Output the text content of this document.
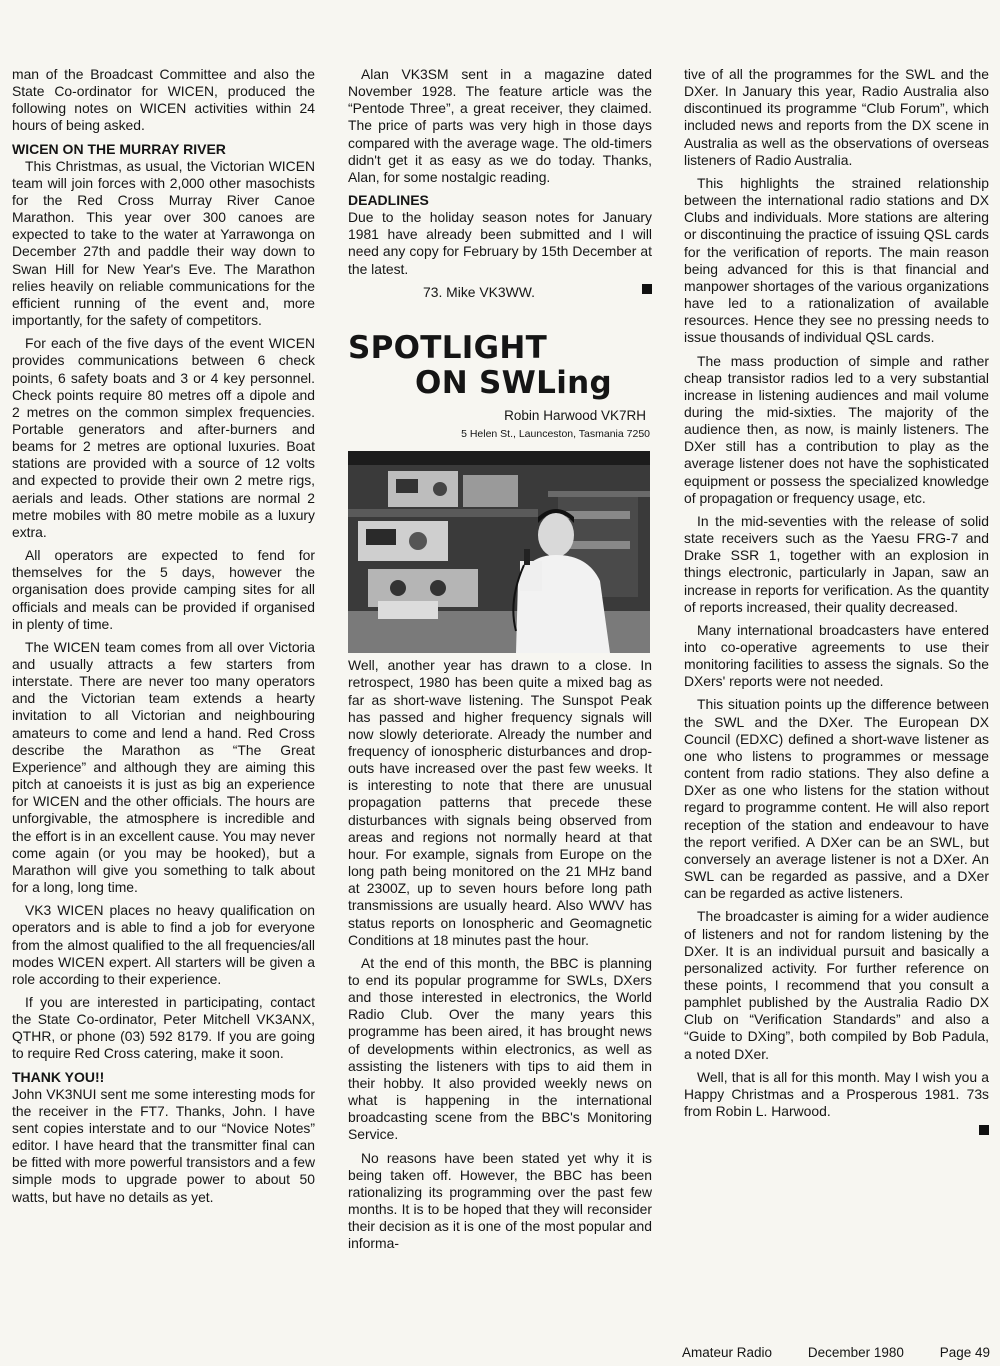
man of the Broadcast Committee and also the State Co-ordinator for WICEN, produced the following notes on WICEN activities within 24 hours of being asked.

WICEN ON THE MURRAY RIVER

This Christmas, as usual, the Victorian WICEN team will join forces with 2,000 other masochists for the Red Cross Murray River Canoe Marathon. This year over 300 canoes are expected to take to the water at Yarrawonga on December 27th and paddle their way down to Swan Hill for New Year's Eve. The Marathon relies heavily on reliable communications for the efficient running of the event and, more importantly, for the safety of competitors.

For each of the five days of the event WICEN provides communications between 6 check points, 6 safety boats and 3 or 4 key personnel. Check points require 80 metres off a dipole and 2 metres on the common simplex frequencies. Portable generators and after-burners and beams for 2 metres are optional luxuries. Boat stations are provided with a source of 12 volts and expected to provide their own 2 metre rigs, aerials and leads. Other stations are normal 2 metre mobiles with 80 metre mobile as a luxury extra.

All operators are expected to fend for themselves for the 5 days, however the organisation does provide camping sites for all officials and meals can be provided if organised in plenty of time.

The WICEN team comes from all over Victoria and usually attracts a few starters from interstate. There are never too many operators and the Victorian team extends a hearty invitation to all Victorian and neighbouring amateurs to come and lend a hand. Red Cross describe the Marathon as “The Great Experience” and although they are aiming this pitch at canoeists it is just as big an experience for WICEN and the other officials. The hours are unforgivable, the atmosphere is incredible and the effort is in an excellent cause. You may never come again (or you may be hooked), but a Marathon will give you something to talk about for a long, long time.

VK3 WICEN places no heavy qualification on operators and is able to find a job for everyone from the almost qualified to the all frequencies/all modes WICEN expert. All starters will be given a role according to their experience.

If you are interested in participating, contact the State Co-ordinator, Peter Mitchell VK3ANX, QTHR, or phone (03) 592 8179. If you are going to require Red Cross catering, make it soon.

THANK YOU!!

John VK3NUI sent me some interesting mods for the receiver in the FT7. Thanks, John. I have sent copies interstate and to our “Novice Notes” editor. I have heard that the transmitter final can be fitted with more powerful transistors and a few simple mods to upgrade power to about 50 watts, but have no details as yet.

Alan VK3SM sent in a magazine dated November 1928. The feature article was the “Pentode Three”, a great receiver, they claimed. The price of parts was very high in those days compared with the average wage. The old-timers didn't get it as easy as we do today. Thanks, Alan, for some nostalgic reading.

DEADLINES

Due to the holiday season notes for January 1981 have already been submitted and I will need any copy for February by 15th December at the latest.

73. Mike VK3WW.
SPOTLIGHT
ON SWLing
Robin Harwood VK7RH
5 Helen St., Launceston, Tasmania 7250

Well, another year has drawn to a close. In retrospect, 1980 has been quite a mixed bag as far as short-wave listening. The Sunspot Peak has passed and higher frequency signals will now slowly deteriorate. Already the number and frequency of ionospheric disturbances and drop-outs have increased over the past few weeks. It is interesting to note that there are unusual propagation patterns that precede these disturbances with signals being observed from areas and regions not normally heard at that hour. For example, signals from Europe on the long path being monitored on the 21 MHz band at 2300Z, up to seven hours before long path transmissions are usually heard. Also WWV has status reports on Ionospheric and Geomagnetic Conditions at 18 minutes past the hour.

At the end of this month, the BBC is planning to end its popular programme for SWLs, DXers and those interested in electronics, the World Radio Club. Over the many years this programme has been aired, it has brought news of developments within electronics, as well as assisting the listeners with tips to aid them in their hobby. It also provided weekly news on what is happening in the international broadcasting scene from the BBC's Monitoring Service.

No reasons have been stated yet why it is being taken off. However, the BBC has been rationalizing its programming over the past few months. It is to be hoped that they will reconsider their decision as it is one of the most popular and informa-

tive of all the programmes for the SWL and the DXer. In January this year, Radio Australia also discontinued its programme “Club Forum”, which included news and reports from the DX scene in Australia as well as the observations of overseas listeners of Radio Australia.

This highlights the strained relationship between the international radio stations and DX Clubs and individuals. More stations are altering or discontinuing the practice of issuing QSL cards for the verification of reports. The main reason being advanced for this is that financial and manpower shortages of the various organizations have led to a rationalization of available resources. Hence they see no pressing needs to issue thousands of individual QSL cards.

The mass production of simple and rather cheap transistor radios led to a very substantial increase in listening audiences and mail volume during the mid-sixties. The majority of the audience then, as now, is mainly listeners. The DXer still has a contribution to play as the average listener does not have the sophisticated equipment or possess the specialized knowledge of propagation or frequency usage, etc.

In the mid-seventies with the release of solid state receivers such as the Yaesu FRG-7 and Drake SSR 1, together with an explosion in things electronic, particularly in Japan, saw an increase in reports for verification. As the quantity of reports increased, their quality decreased.

Many international broadcasters have entered into co-operative agreements to use their monitoring facilities to assess the signals. So the DXers' reports were not needed.

This situation points up the difference between the SWL and the DXer. The European DX Council (EDXC) defined a short-wave listener as one who listens to programmes or message content from radio stations. They also define a DXer as one who listens for the station without regard to programme content. He will also report reception of the station and endeavour to have the report verified. A DXer can be an SWL, but conversely an average listener is not a DXer. An SWL can be regarded as passive, and a DXer can be regarded as active listeners.

The broadcaster is aiming for a wider audience of listeners and not for random listening by the DXer. It is an individual pursuit and basically a personalized activity. For further reference on these points, I recommend that you consult a pamphlet published by the Australia Radio DX Club on “Verification Standards” and also a “Guide to DXing”, both compiled by Bob Padula, a noted DXer.

Well, that is all for this month. May I wish you a Happy Christmas and a Prosperous 1981. 73s from Robin L. Harwood.

Amateur Radio	December 1980	Page 49
